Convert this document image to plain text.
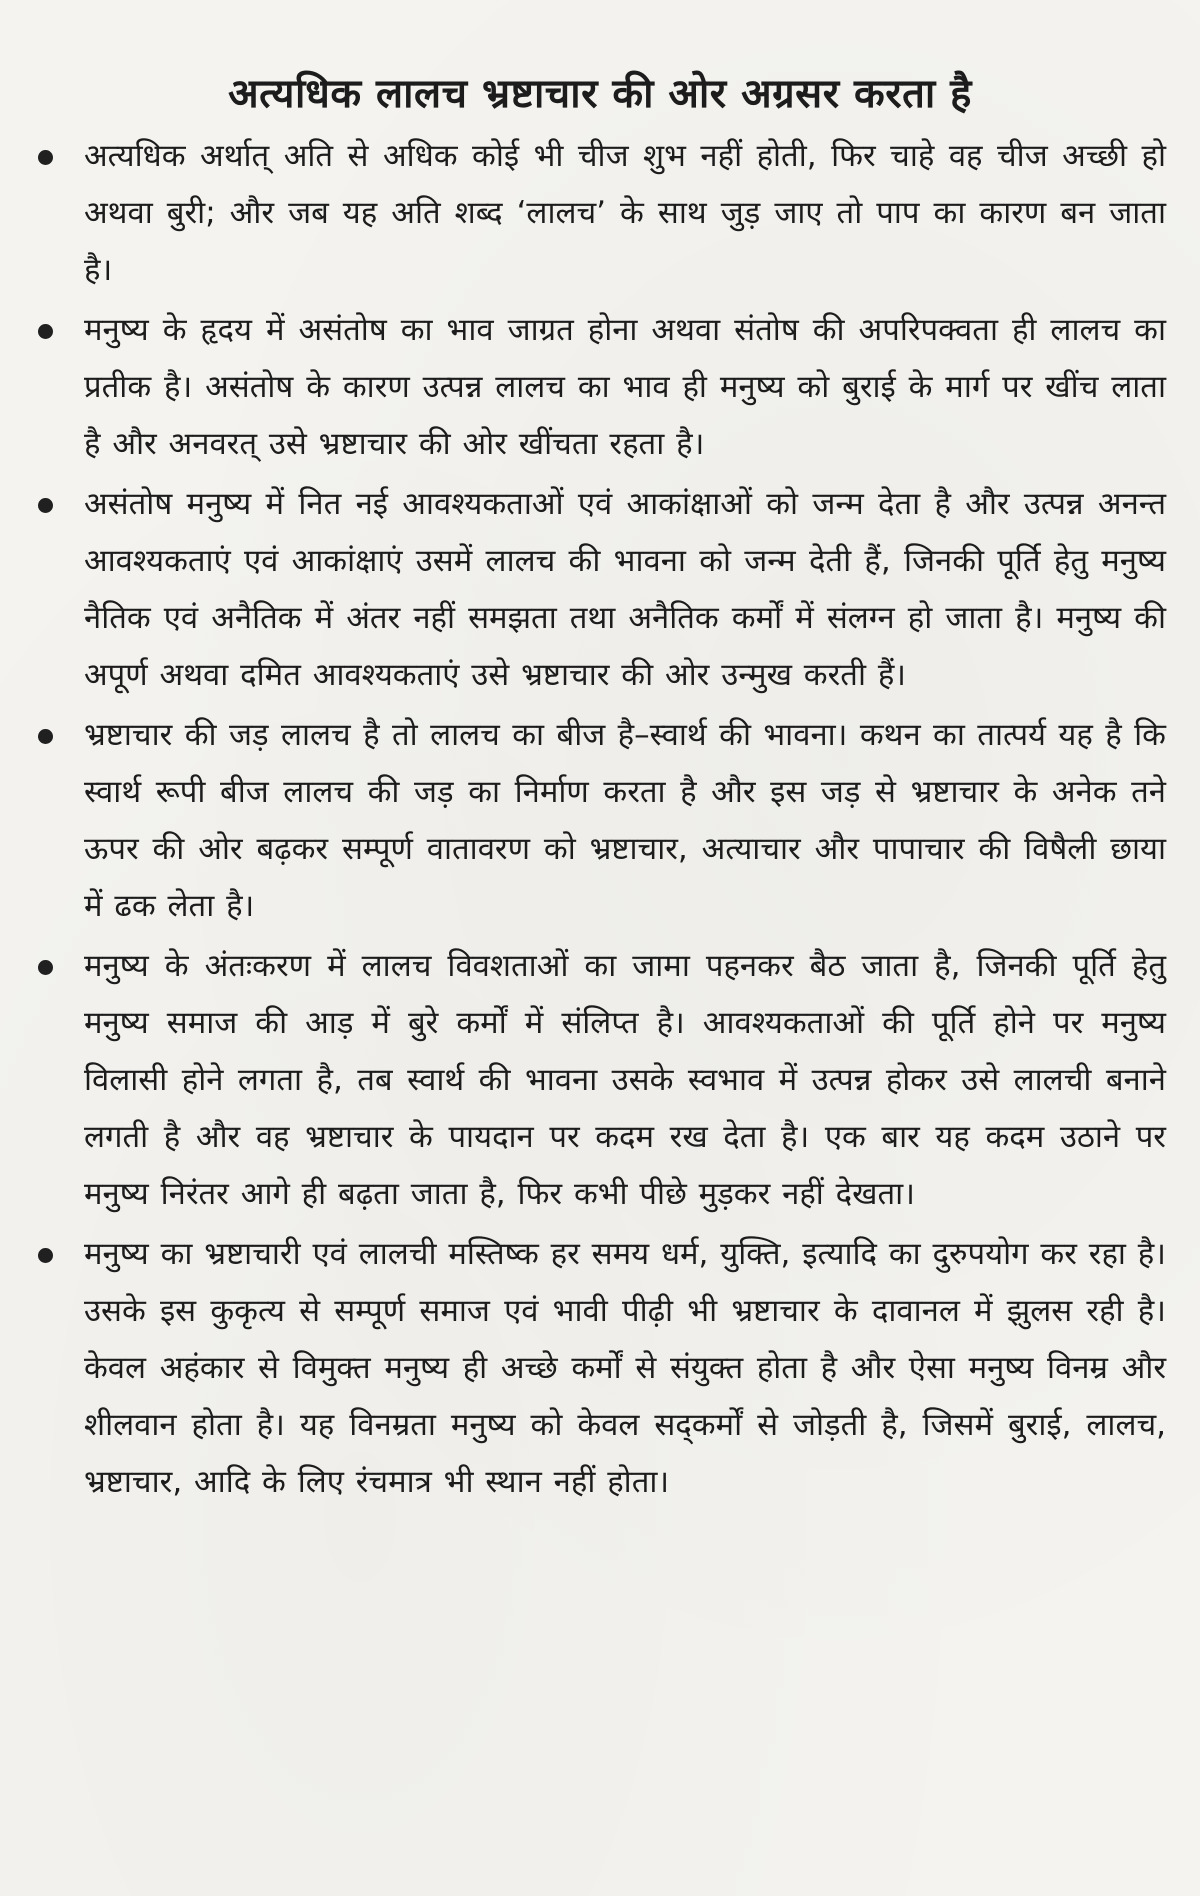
अत्यधिक लालच भ्रष्टाचार की ओर अग्रसर करता है
अत्यधिक अर्थात् अति से अधिक कोई भी चीज शुभ नहीं होती, फिर चाहे वह चीज अच्छी हो अथवा बुरी; और जब यह अति शब्द ‘लालच’ के साथ जुड़ जाए तो पाप का कारण बन जाता है।
मनुष्य के हृदय में असंतोष का भाव जाग्रत होना अथवा संतोष की अपरिपक्वता ही लालच का प्रतीक है। असंतोष के कारण उत्पन्न लालच का भाव ही मनुष्य को बुराई के मार्ग पर खींच लाता है और अनवरत् उसे भ्रष्टाचार की ओर खींचता रहता है।
असंतोष मनुष्य में नित नई आवश्यकताओं एवं आकांक्षाओं को जन्म देता है और उत्पन्न अनन्त आवश्यकताएं एवं आकांक्षाएं उसमें लालच की भावना को जन्म देती हैं, जिनकी पूर्ति हेतु मनुष्य नैतिक एवं अनैतिक में अंतर नहीं समझता तथा अनैतिक कर्मों में संलग्न हो जाता है। मनुष्य की अपूर्ण अथवा दमित आवश्यकताएं उसे भ्रष्टाचार की ओर उन्मुख करती हैं।
भ्रष्टाचार की जड़ लालच है तो लालच का बीज है–स्वार्थ की भावना। कथन का तात्पर्य यह है कि स्वार्थ रूपी बीज लालच की जड़ का निर्माण करता है और इस जड़ से भ्रष्टाचार के अनेक तने ऊपर की ओर बढ़कर सम्पूर्ण वातावरण को भ्रष्टाचार, अत्याचार और पापाचार की विषैली छाया में ढक लेता है।
मनुष्य के अंतःकरण में लालच विवशताओं का जामा पहनकर बैठ जाता है, जिनकी पूर्ति हेतु मनुष्य समाज की आड़ में बुरे कर्मों में संलिप्त है। आवश्यकताओं की पूर्ति होने पर मनुष्य विलासी होने लगता है, तब स्वार्थ की भावना उसके स्वभाव में उत्पन्न होकर उसे लालची बनाने लगती है और वह भ्रष्टाचार के पायदान पर कदम रख देता है। एक बार यह कदम उठाने पर मनुष्य निरंतर आगे ही बढ़ता जाता है, फिर कभी पीछे मुड़कर नहीं देखता।
मनुष्य का भ्रष्टाचारी एवं लालची मस्तिष्क हर समय धर्म, युक्ति, इत्यादि का दुरुपयोग कर रहा है। उसके इस कुकृत्य से सम्पूर्ण समाज एवं भावी पीढ़ी भी भ्रष्टाचार के दावानल में झुलस रही है। केवल अहंकार से विमुक्त मनुष्य ही अच्छे कर्मों से संयुक्त होता है और ऐसा मनुष्य विनम्र और शीलवान होता है। यह विनम्रता मनुष्य को केवल सद्कर्मों से जोड़ती है, जिसमें बुराई, लालच, भ्रष्टाचार, आदि के लिए रंचमात्र भी स्थान नहीं होता।
